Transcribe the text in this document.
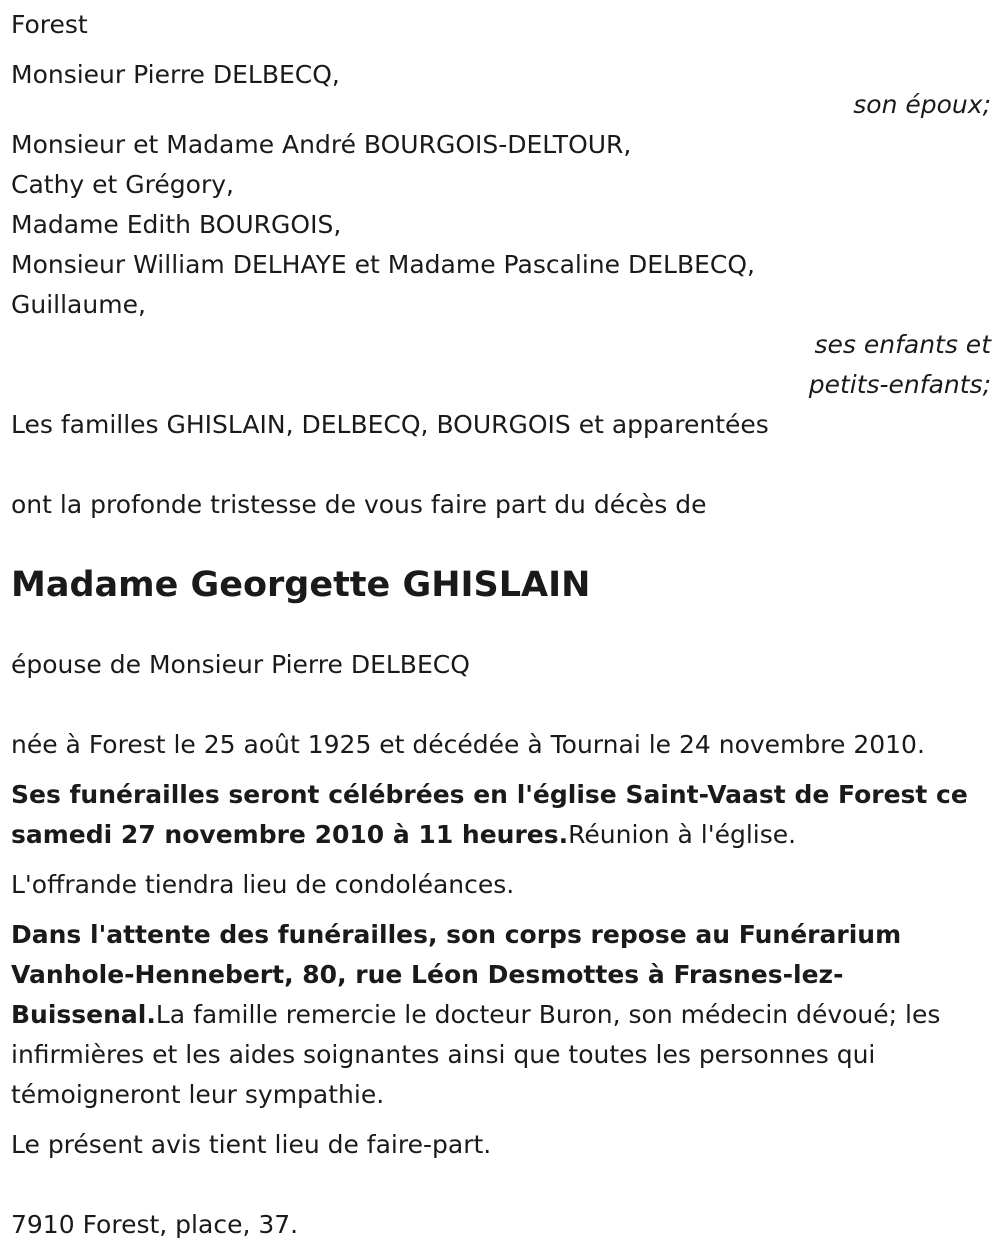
Forest

Monsieur Pierre DELBECQ,

son époux;

Monsieur et Madame André BOURGOIS-DELTOUR,

Cathy et Grégory,

Madame Edith BOURGOIS,

Monsieur William DELHAYE et Madame Pascaline DELBECQ,

Guillaume,

ses enfants et

petits-enfants;

Les familles GHISLAIN, DELBECQ, BOURGOIS et apparentées

ont la profonde tristesse de vous faire part du décès de

Madame Georgette GHISLAIN

épouse de Monsieur Pierre DELBECQ

née à Forest le 25 août 1925 et décédée à Tournai le 24 novembre 2010.

Ses funérailles seront célébrées en l'église Saint-Vaast de Forest ce samedi 27 novembre 2010 à 11 heures.Réunion à l'église.

L'offrande tiendra lieu de condoléances.

Dans l'attente des funérailles, son corps repose au Funérarium Vanhole-Hennebert, 80, rue Léon Desmottes à Frasnes-lez-Buissenal.La famille remercie le docteur Buron, son médecin dévoué; les infirmières et les aides soignantes ainsi que toutes les personnes qui témoigneront leur sympathie.

Le présent avis tient lieu de faire-part.

7910 Forest, place, 37.
